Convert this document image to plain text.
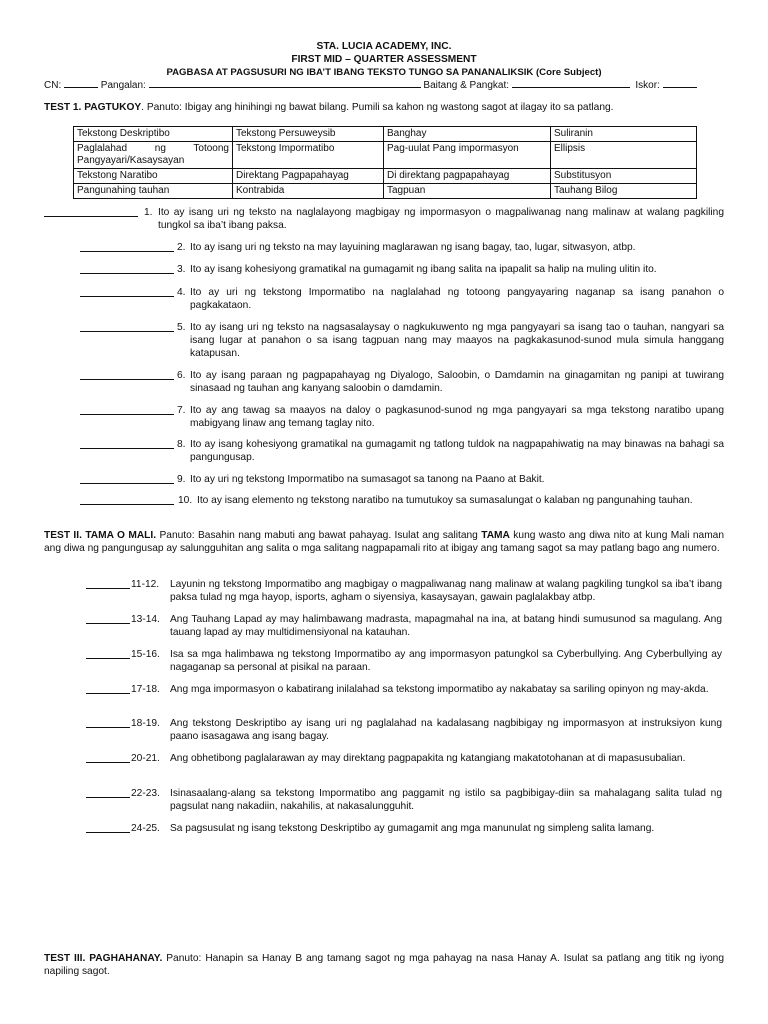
STA. LUCIA ACADEMY, INC.
FIRST MID – QUARTER ASSESSMENT
PAGBASA AT PAGSUSURI NG IBA’T IBANG TEKSTO TUNGO SA PANANALIKSIK (Core Subject)
CN:	Pangalan:	Baitang & Pangkat:	Iskor:
TEST 1. PAGTUKOY. Panuto: Ibigay ang hinihingi ng bawat bilang. Pumili sa kahon ng wastong sagot at ilagay ito sa patlang.
Tekstong Deskriptibo	Tekstong Persuweysib	Banghay	Suliranin
Paglalahad ng Totoong Pangyayari/Kasaysayan	Tekstong Impormatibo	Pag-uulat Pang impormasyon	Ellipsis
Tekstong Naratibo	Direktang Pagpapahayag	Di direktang pagpapahayag	Substitusyon
Pangunahing tauhan	Kontrabida	Tagpuan	Tauhang Bilog
1. Ito ay isang uri ng teksto na naglalayong magbigay ng impormasyon o magpaliwanag nang malinaw at walang pagkiling tungkol sa iba’t ibang paksa.
2. Ito ay isang uri ng teksto na may layuining maglarawan ng isang bagay, tao, lugar, sitwasyon, atbp.
3. Ito ay isang kohesiyong gramatikal na gumagamit ng ibang salita na ipapalit sa halip na muling ulitin ito.
4. Ito ay uri ng tekstong Impormatibo na naglalahad ng totoong pangyayaring naganap sa isang panahon o pagkakataon.
5. Ito ay isang uri ng teksto na nagsasalaysay o nagkukuwento ng mga pangyayari sa isang tao o tauhan, nangyari sa isang lugar at panahon o sa isang tagpuan nang may maayos na pagkakasunod-sunod mula simula hanggang katapusan.
6. Ito ay isang paraan ng pagpapahayag ng Diyalogo, Saloobin, o Damdamin na ginagamitan ng panipi at tuwirang sinasaad ng tauhan ang kanyang saloobin o damdamin.
7. Ito ay ang tawag sa maayos na daloy o pagkasunod-sunod ng mga pangyayari sa mga tekstong naratibo upang mabigyang linaw ang temang taglay nito.
8. Ito ay isang kohesiyong gramatikal na gumagamit ng tatlong tuldok na nagpapahiwatig na may binawas na bahagi sa pangungusap.
9. Ito ay uri ng tekstong Impormatibo na sumasagot sa tanong na Paano at Bakit.
10. Ito ay isang elemento ng tekstong naratibo na tumutukoy sa sumasalungat o kalaban ng pangunahing tauhan.
TEST II. TAMA O MALI. Panuto: Basahin nang mabuti ang bawat pahayag. Isulat ang salitang TAMA kung wasto ang diwa nito at kung Mali naman ang diwa ng pangungusap ay salungguhitan ang salita o mga salitang nagpapamali rito at ibigay ang tamang sagot sa may patlang bago ang numero.
11-12. Layunin ng tekstong Impormatibo ang magbigay o magpaliwanag nang malinaw at walang pagkiling tungkol sa iba’t ibang paksa tulad ng mga hayop, isports, agham o siyensiya, kasaysayan, gawain paglalakbay atbp.
13-14. Ang Tauhang Lapad ay may halimbawang madrasta, mapagmahal na ina, at batang hindi sumusunod sa magulang. Ang tauang lapad ay may multidimensiyonal na katauhan.
15-16. Isa sa mga halimbawa ng tekstong Impormatibo ay ang impormasyon patungkol sa Cyberbullying. Ang Cyberbullying ay nagaganap sa personal at pisikal na paraan.
17-18. Ang mga impormasyon o kabatirang inilalahad sa tekstong impormatibo ay nakabatay sa sariling opinyon ng may-akda.
18-19. Ang tekstong Deskriptibo ay isang uri ng paglalahad na kadalasang nagbibigay ng impormasyon at instruksiyon kung paano isasagawa ang isang bagay.
20-21. Ang obhetibong paglalarawan ay may direktang pagpapakita ng katangiang makatotohanan at di mapasusubalian.
22-23. Isinasaalang-alang sa tekstong Impormatibo ang paggamit ng istilo sa pagbibigay-diin sa mahalagang salita tulad ng pagsulat nang nakadiin, nakahilis, at nakasalungguhit.
24-25. Sa pagsusulat ng isang tekstong Deskriptibo ay gumagamit ang mga manunulat ng simpleng salita lamang.
TEST III. PAGHAHANAY. Panuto: Hanapin sa Hanay B ang tamang sagot ng mga pahayag na nasa Hanay A. Isulat sa patlang ang titik ng iyong napiling sagot.
